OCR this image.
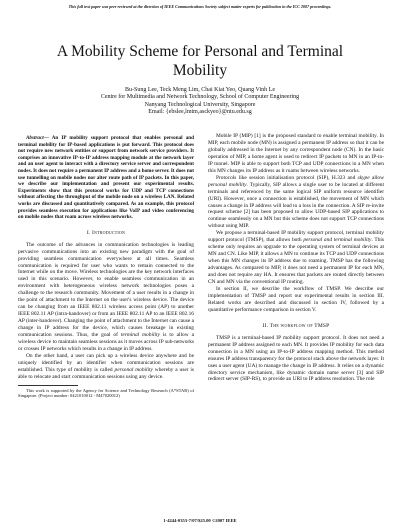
This full text paper was peer reviewed at the direction of IEEE Communications Society subject matter experts for publication in the ICC 2007 proceedings.
A Mobility Scheme for Personal and Terminal Mobility
Bu-Sung Lee, Teck Meng Lim, Chai Kiat Yeo, Quang Vinh Le
Centre for Multimedia and Network Technology, School of Computer Engineering
Nanyang Technological University, Singapore
Email: {ebslee,lmtm,asckyeo}@ntu.edu.sg

Abstract— An IP mobility support protocol that enables personal and terminal mobility for IP-based applications is put forward. This protocol does not require new network entities or support from network service providers. It comprises an innovative IP-to-IP address mapping module at the network layer and an user agent to interact with a directory service server and correspondent nodes. It does not require a permanent IP address and a home server. It does not use tunnelling on mobile nodes nor alter route path of IP packets. In this paper, we describe our implementation and present our experimental results. Experiments show that this protocol works for UDP and TCP connections without affecting the throughput of the mobile node on a wireless LAN. Related works are discussed and quantitatively compared. As an example, this protocol provides seamless execution for applications like VoIP and video conferencing on mobile nodes that roam across wireless networks.

I. Introduction

The outcome of the advances in communication technologies is leading pervasive communications into an existing new paradigm with the goal of providing seamless communication everywhere at all times. Seamless communication is required for user who wants to remain connected to the Internet while on the move. Wireless technologies are the key network interfaces used in this scenario. However, to enable seamless communication in an environment with heterogeneous wireless network technologies poses a challenge to the research community. Movement of a user results in a change in the point of attachment to the Internet on the user's wireless device. The device can be changing from an IEEE 802.11 wireless access point (AP) to another IEEE 802.11 AP (intra-handover) or from an IEEE 802.11 AP to an IEEE 802.16 AP (inter-handover). Changing the point of attachment to the Internet can cause a change in IP address for the device, which causes breakage in existing communication sessions. Thus, the goal of terminal mobility is to allow a wireless device to maintain seamless sessions as it moves across IP sub-networks or crosses IP networks which results in a change in IP address.

On the other hand, a user can pick up a wireless device anywhere and be uniquely identified by an identifier when communication sessions are established. This type of mobility is called personal mobility whereby a user is able to relocate and start communication sessions using any device.

This work is supported by the Agency for Science and Technology Research (A*STAR) of Singapore. (Project number: 0421010012 - M47020012)

Mobile IP (MIP) [1] is the proposed standard to enable terminal mobility. In MIP, each mobile node (MN) is assigned a permanent IP address so that it can be globally addressed in the Internet by any correspondent node (CN). In the basic operation of MIP, a home agent is used to redirect IP packets to MN in an IP-in-IP tunnel. MIP is able to support both TCP and UDP connections in a MN when this MN changes its IP address as it roams between wireless networks.

Protocols like session initialisation protocol (SIP), H.323 and skype allow personal mobility. Typically, SIP allows a single user to be located at different terminals and referenced by the same logical SIP uniform resource identifier (URI). However, once a connection is established, the movement of MN which causes a change in IP address will lead to a loss in the connection. A SIP re-invite request scheme [2] has been proposed to allow UDP-based SIP applications to continue seamlessly on a MN but this scheme does not support TCP connections without using MIP.

We propose a terminal-based IP mobility support protocol, terminal mobility support protocol (TMSP), that allows both personal and terminal mobility. This scheme only requires an upgrade to the operating system of terminal devices at MN and CN. Like MIP, it allows a MN to continue its TCP and UDP connections when this MN changes its IP address due to roaming. TMSP has the following advantages. As compared to MIP, it does not need a permanent IP for each MN, and does not require any HA. It ensures that packets are routed directly between CN and MN via the conventional IP routing.

In section II, we describe the workflow of TMSP. We describe our implementation of TMSP and report our experimental results in section III. Related works are described and discussed in section IV, followed by a quantitative performance comparison in section V.

II. The workflow of TMSP

TMSP is a terminal-based IP mobility support protocol. It does not need a permanent IP address assigned to each MN. It provides IP mobility for each data connection in a MN using an IP-to-IP address mapping method. This method ensures IP address transparency for the protocol stack above the network layer. It uses a user agent (UA) to manage the change in IP address. It relies on a dynamic directory service mechanism, like dynamic domain name server [3] and SIP redirect server (SIP-RS), to provide an URI to IP address resolution. The role

1-4244-0353-7/07/$25.00 ©2007 IEEE
